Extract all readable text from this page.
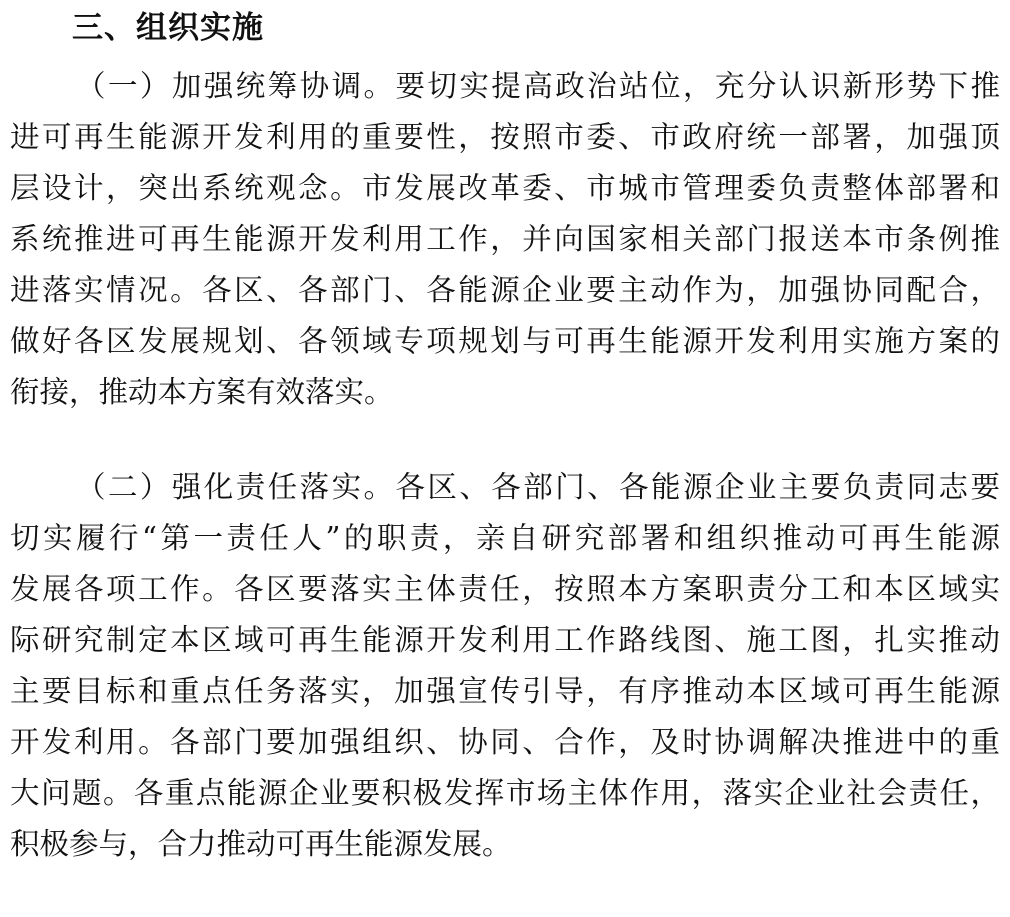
三、组织实施
（一）加强统筹协调。要切实提高政治站位，充分认识新形势下推
进可再生能源开发利用的重要性，按照市委、市政府统一部署，加强顶
层设计，突出系统观念。市发展改革委、市城市管理委负责整体部署和
系统推进可再生能源开发利用工作，并向国家相关部门报送本市条例推
进落实情况。各区、各部门、各能源企业要主动作为，加强协同配合，
做好各区发展规划、各领域专项规划与可再生能源开发利用实施方案的
衔接，推动本方案有效落实。
（二）强化责任落实。各区、各部门、各能源企业主要负责同志要
切实履行“第一责任人”的职责，亲自研究部署和组织推动可再生能源
发展各项工作。各区要落实主体责任，按照本方案职责分工和本区域实
际研究制定本区域可再生能源开发利用工作路线图、施工图，扎实推动
主要目标和重点任务落实，加强宣传引导，有序推动本区域可再生能源
开发利用。各部门要加强组织、协同、合作，及时协调解决推进中的重
大问题。各重点能源企业要积极发挥市场主体作用，落实企业社会责任，
积极参与，合力推动可再生能源发展。
